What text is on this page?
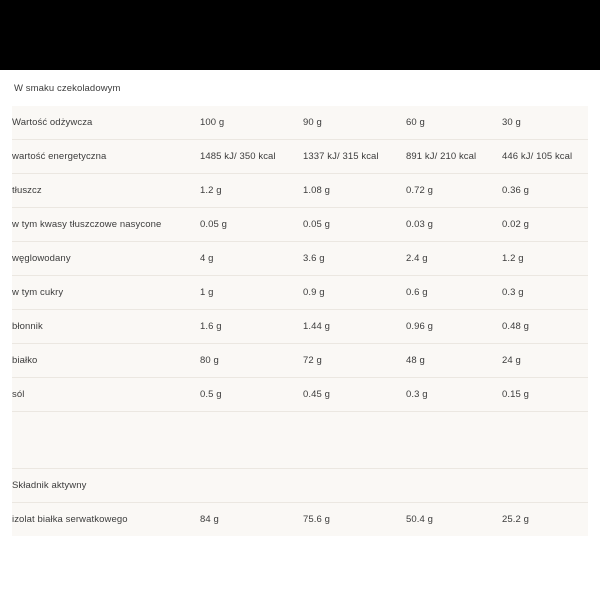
W smaku czekoladowym
Wartość odżywcza	100 g	90 g	60 g	30 g
wartość energetyczna	1485 kJ/ 350 kcal	1337 kJ/ 315 kcal	891 kJ/ 210 kcal	446 kJ/ 105 kcal
tłuszcz	1.2 g	1.08 g	0.72 g	0.36 g
w tym kwasy tłuszczowe nasycone	0.05 g	0.05 g	0.03 g	0.02 g
węglowodany	4 g	3.6 g	2.4 g	1.2 g
w tym cukry	1 g	0.9 g	0.6 g	0.3 g
błonnik	1.6 g	1.44 g	0.96 g	0.48 g
białko	80 g	72 g	48 g	24 g
sól	0.5 g	0.45 g	0.3 g	0.15 g

Składnik aktywny				
izolat białka serwatkowego	84 g	75.6 g	50.4 g	25.2 g
